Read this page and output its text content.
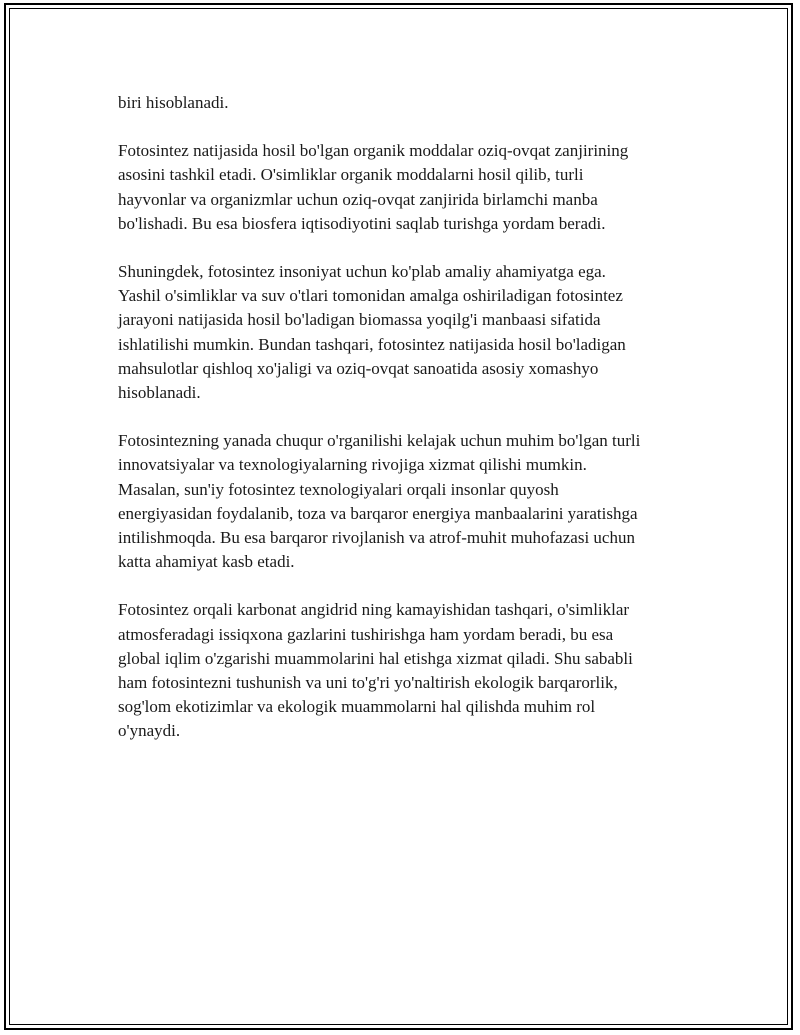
biri hisoblanadi.

Fotosintez natijasida hosil bo'lgan organik moddalar oziq-ovqat zanjirining
asosini tashkil etadi. O'simliklar organik moddalarni hosil qilib, turli
hayvonlar va organizmlar uchun oziq-ovqat zanjirida birlamchi manba
bo'lishadi. Bu esa biosfera iqtisodiyotini saqlab turishga yordam beradi.

Shuningdek, fotosintez insoniyat uchun ko'plab amaliy ahamiyatga ega.
Yashil o'simliklar va suv o'tlari tomonidan amalga oshiriladigan fotosintez
jarayoni natijasida hosil bo'ladigan biomassa yoqilg'i manbaasi sifatida
ishlatilishi mumkin. Bundan tashqari, fotosintez natijasida hosil bo'ladigan
mahsulotlar qishloq xo'jaligi va oziq-ovqat sanoatida asosiy xomashyo
hisoblanadi.

Fotosintezning yanada chuqur o'rganilishi kelajak uchun muhim bo'lgan turli
innovatsiyalar va texnologiyalarning rivojiga xizmat qilishi mumkin.
Masalan, sun'iy fotosintez texnologiyalari orqali insonlar quyosh
energiyasidan foydalanib, toza va barqaror energiya manbaalarini yaratishga
intilishmoqda. Bu esa barqaror rivojlanish va atrof-muhit muhofazasi uchun
katta ahamiyat kasb etadi.

Fotosintez orqali karbonat angidrid ning kamayishidan tashqari, o'simliklar
atmosferadagi issiqxona gazlarini tushirishga ham yordam beradi, bu esa
global iqlim o'zgarishi muammolarini hal etishga xizmat qiladi. Shu sababli
ham fotosintezni tushunish va uni to'g'ri yo'naltirish ekologik barqarorlik,
sog'lom ekotizimlar va ekologik muammolarni hal qilishda muhim rol
o'ynaydi.
